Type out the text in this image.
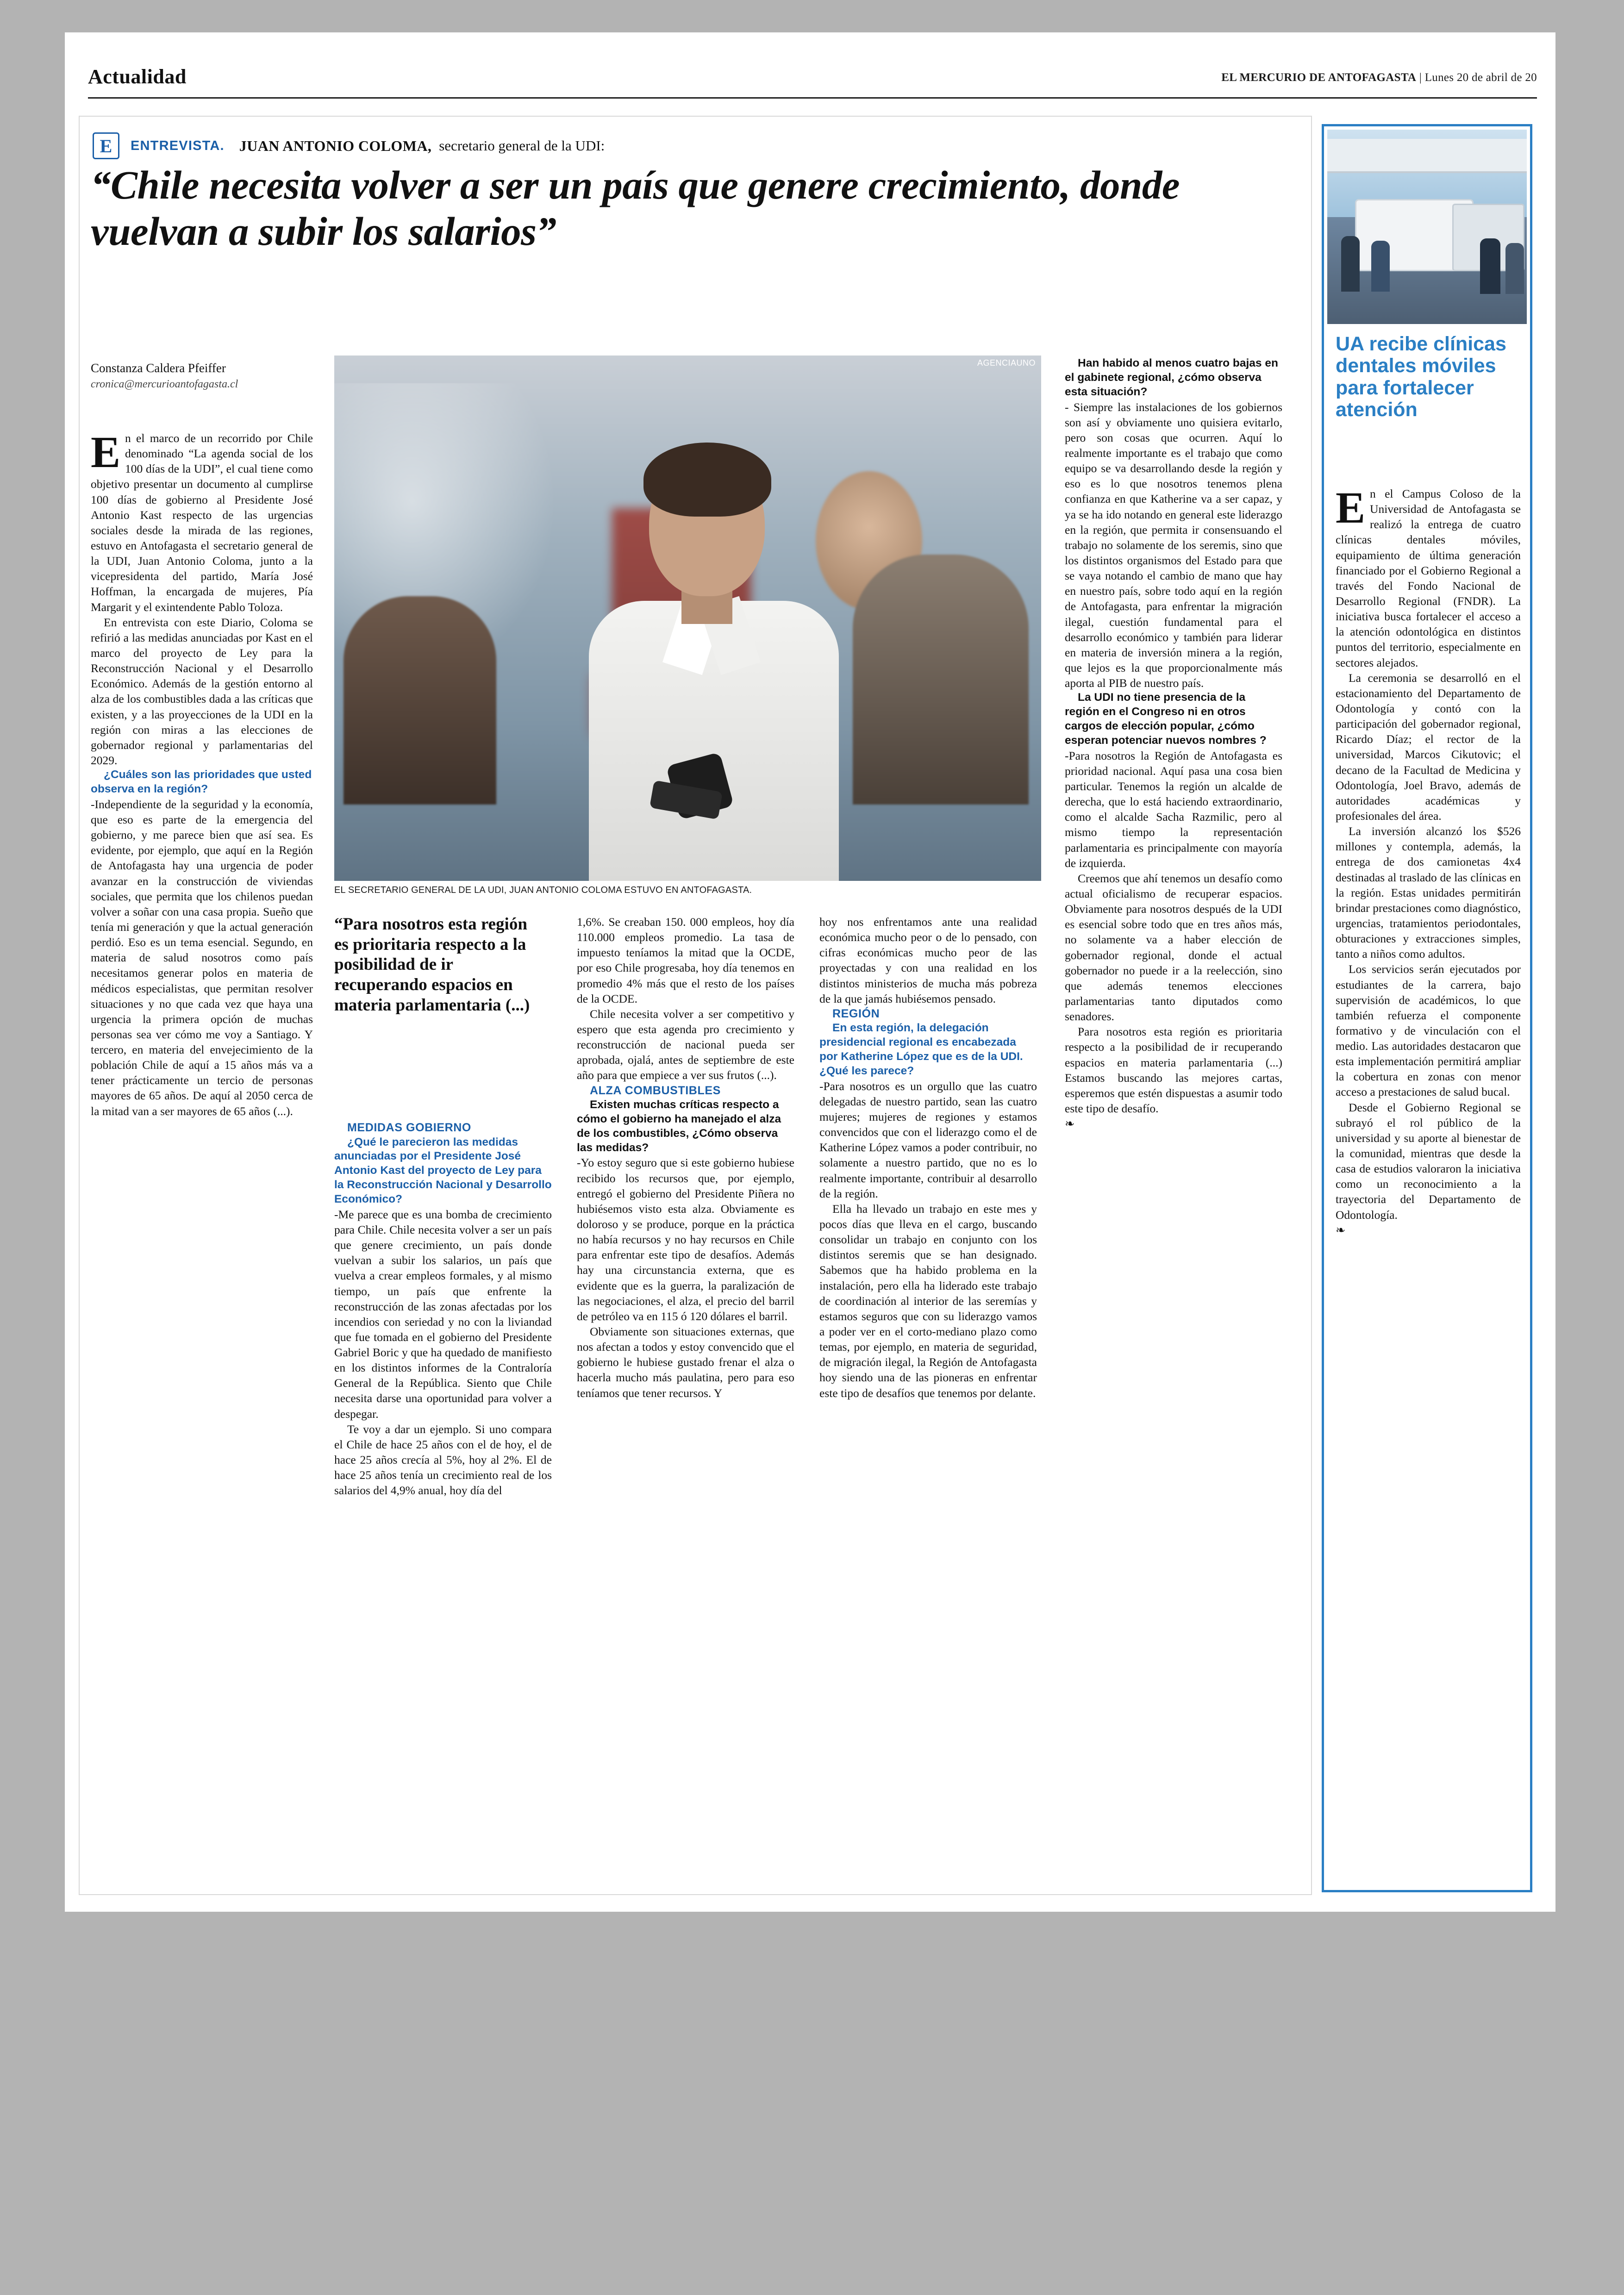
Actualidad	EL MERCURIO DE ANTOFAGASTA | Lunes 20 de abril de 20
E	ENTREVISTA. JUAN ANTONIO COLOMA, secretario general de la UDI:
“Chile necesita volver a ser un país que genere crecimiento, donde vuelvan a subir los salarios”
Constanza Caldera Pfeiffer
cronica@mercurioantofagasta.cl
AGENCIAUNO
EL SECRETARIO GENERAL DE LA UDI, JUAN ANTONIO COLOMA ESTUVO EN ANTOFAGASTA.

En el marco de un recorrido por Chile denominado “La agenda social de los 100 días de la UDI”, el cual tiene como objetivo presentar un documento al cumplirse 100 días de gobierno al Presidente José Antonio Kast respecto de las urgencias sociales desde la mirada de las regiones, estuvo en Antofagasta el secretario general de la UDI, Juan Antonio Coloma, junto a la vicepresidenta del partido, María José Hoffman, la encargada de mujeres, Pía Margarit y el exintendente Pablo Toloza.

En entrevista con este Diario, Coloma se refirió a las medidas anunciadas por Kast en el marco del proyecto de Ley para la Reconstrucción Nacional y el Desarrollo Económico. Además de la gestión entorno al alza de los combustibles dada a las críticas que existen, y a las proyecciones de la UDI en la región con miras a las elecciones de gobernador regional y parlamentarias del 2029.

¿Cuáles son las prioridades que usted observa en la región?

-Independiente de la seguridad y la economía, que eso es parte de la emergencia del gobierno, y me parece bien que así sea. Es evidente, por ejemplo, que aquí en la Región de Antofagasta hay una urgencia de poder avanzar en la construcción de viviendas sociales, que permita que los chilenos puedan volver a soñar con una casa propia. Sueño que tenía mi generación y que la actual generación perdió. Eso es un tema esencial. Segundo, en materia de salud nosotros como país necesitamos generar polos en materia de médicos especialistas, que permitan resolver situaciones y no que cada vez que haya una urgencia la primera opción de muchas personas sea ver cómo me voy a Santiago. Y tercero, en materia del envejecimiento de la población Chile de aquí a 15 años más va a tener prácticamente un tercio de personas mayores de 65 años. De aquí al 2050 cerca de la mitad van a ser mayores de 65 años (...).

“Para nosotros esta región es prioritaria respecto a la posibilidad de ir recuperando espacios en materia parlamentaria (...)

MEDIDAS GOBIERNO

¿Qué le parecieron las medidas anunciadas por el Presidente José Antonio Kast del proyecto de Ley para la Reconstrucción Nacional y Desarrollo Económico?

-Me parece que es una bomba de crecimiento para Chile. Chile necesita volver a ser un país que genere crecimiento, un país donde vuelvan a subir los salarios, un país que vuelva a crear empleos formales, y al mismo tiempo, un país que enfrente la reconstrucción de las zonas afectadas por los incendios con seriedad y no con la liviandad que fue tomada en el gobierno del Presidente Gabriel Boric y que ha quedado de manifiesto en los distintos informes de la Contraloría General de la República. Siento que Chile necesita darse una oportunidad para volver a despegar.

Te voy a dar un ejemplo. Si uno compara el Chile de hace 25 años con el de hoy, el de hace 25 años crecía al 5%, hoy al 2%. El de hace 25 años tenía un crecimiento real de los salarios del 4,9% anual, hoy día del

1,6%. Se creaban 150. 000 empleos, hoy día 110.000 empleos promedio. La tasa de impuesto teníamos la mitad que la OCDE, por eso Chile progresaba, hoy día tenemos en promedio 4% más que el resto de los países de la OCDE.

Chile necesita volver a ser competitivo y espero que esta agenda pro crecimiento y reconstrucción de nacional pueda ser aprobada, ojalá, antes de septiembre de este año para que empiece a ver sus frutos (...).

ALZA COMBUSTIBLES

Existen muchas críticas respecto a cómo el gobierno ha manejado el alza de los combustibles, ¿Cómo observa las medidas?

-Yo estoy seguro que si este gobierno hubiese recibido los recursos que, por ejemplo, entregó el gobierno del Presidente Piñera no hubiésemos visto esta alza. Obviamente es doloroso y se produce, porque en la práctica no había recursos y no hay recursos en Chile para enfrentar este tipo de desafíos. Además hay una circunstancia externa, que es evidente que es la guerra, la paralización de las negociaciones, el alza, el precio del barril de petróleo va en 115 ó 120 dólares el barril.

Obviamente son situaciones externas, que nos afectan a todos y estoy convencido que el gobierno le hubiese gustado frenar el alza o hacerla mucho más paulatina, pero para eso teníamos que tener recursos. Y

hoy nos enfrentamos ante una realidad económica mucho peor o de lo pensado, con cifras económicas mucho peor de las proyectadas y con una realidad en los distintos ministerios de mucha más pobreza de la que jamás hubiésemos pensado.

REGIÓN

En esta región, la delegación presidencial regional es encabezada por Katherine López que es de la UDI. ¿Qué les parece?

-Para nosotros es un orgullo que las cuatro delegadas de nuestro partido, sean las cuatro mujeres; mujeres de regiones y estamos convencidos que con el liderazgo como el de Katherine López vamos a poder contribuir, no solamente a nuestro partido, que no es lo realmente importante, contribuir al desarrollo de la región.

Ella ha llevado un trabajo en este mes y pocos días que lleva en el cargo, buscando consolidar un trabajo en conjunto con los distintos seremis que se han designado. Sabemos que ha habido problema en la instalación, pero ella ha liderado este trabajo de coordinación al interior de las seremías y estamos seguros que con su liderazgo vamos a poder ver en el corto-mediano plazo como temas, por ejemplo, en materia de seguridad, de migración ilegal, la Región de Antofagasta hoy siendo una de las pioneras en enfrentar este tipo de desafíos que tenemos por delante.

Han habido al menos cuatro bajas en el gabinete regional, ¿cómo observa esta situación?

- Siempre las instalaciones de los gobiernos son así y obviamente uno quisiera evitarlo, pero son cosas que ocurren. Aquí lo realmente importante es el trabajo que como equipo se va desarrollando desde la región y eso es lo que nosotros tenemos plena confianza en que Katherine va a ser capaz, y ya se ha ido notando en general este liderazgo en la región, que permita ir consensuando el trabajo no solamente de los seremis, sino que los distintos organismos del Estado para que se vaya notando el cambio de mano que hay en nuestro país, sobre todo aquí en la región de Antofagasta, para enfrentar la migración ilegal, cuestión fundamental para el desarrollo económico y también para liderar en materia de inversión minera a la región, que lejos es la que proporcionalmente más aporta al PIB de nuestro país.

La UDI no tiene presencia de la región en el Congreso ni en otros cargos de elección popular, ¿cómo esperan potenciar nuevos nombres ?

-Para nosotros la Región de Antofagasta es prioridad nacional. Aquí pasa una cosa bien particular. Tenemos la región un alcalde de derecha, que lo está haciendo extraordinario, como el alcalde Sacha Razmilic, pero al mismo tiempo la representación parlamentaria es principalmente con mayoría de izquierda.

Creemos que ahí tenemos un desafío como actual oficialismo de recuperar espacios. Obviamente para nosotros después de la UDI es esencial sobre todo que en tres años más, no solamente va a haber elección de gobernador regional, donde el actual gobernador no puede ir a la reelección, sino que además tenemos elecciones parlamentarias tanto diputados como senadores.

Para nosotros esta región es prioritaria respecto a la posibilidad de ir recuperando espacios en materia parlamentaria (...) Estamos buscando las mejores cartas, esperemos que estén dispuestas a asumir todo este tipo de desafío.

❧

UA recibe clínicas dentales móviles para fortalecer atención

En el Campus Coloso de la Universidad de Antofagasta se realizó la entrega de cuatro clínicas dentales móviles, equipamiento de última generación financiado por el Gobierno Regional a través del Fondo Nacional de Desarrollo Regional (FNDR). La iniciativa busca fortalecer el acceso a la atención odontológica en distintos puntos del territorio, especialmente en sectores alejados.

La ceremonia se desarrolló en el estacionamiento del Departamento de Odontología y contó con la participación del gobernador regional, Ricardo Díaz; el rector de la universidad, Marcos Cikutovic; el decano de la Facultad de Medicina y Odontología, Joel Bravo, además de autoridades académicas y profesionales del área.

La inversión alcanzó los $526 millones y contempla, además, la entrega de dos camionetas 4x4 destinadas al traslado de las clínicas en la región. Estas unidades permitirán brindar prestaciones como diagnóstico, urgencias, tratamientos periodontales, obturaciones y extracciones simples, tanto a niños como adultos.

Los servicios serán ejecutados por estudiantes de la carrera, bajo supervisión de académicos, lo que también refuerza el componente formativo y de vinculación con el medio. Las autoridades destacaron que esta implementación permitirá ampliar la cobertura en zonas con menor acceso a prestaciones de salud bucal.

Desde el Gobierno Regional se subrayó el rol público de la universidad y su aporte al bienestar de la comunidad, mientras que desde la casa de estudios valoraron la iniciativa como un reconocimiento a la trayectoria del Departamento de Odontología.

❧
